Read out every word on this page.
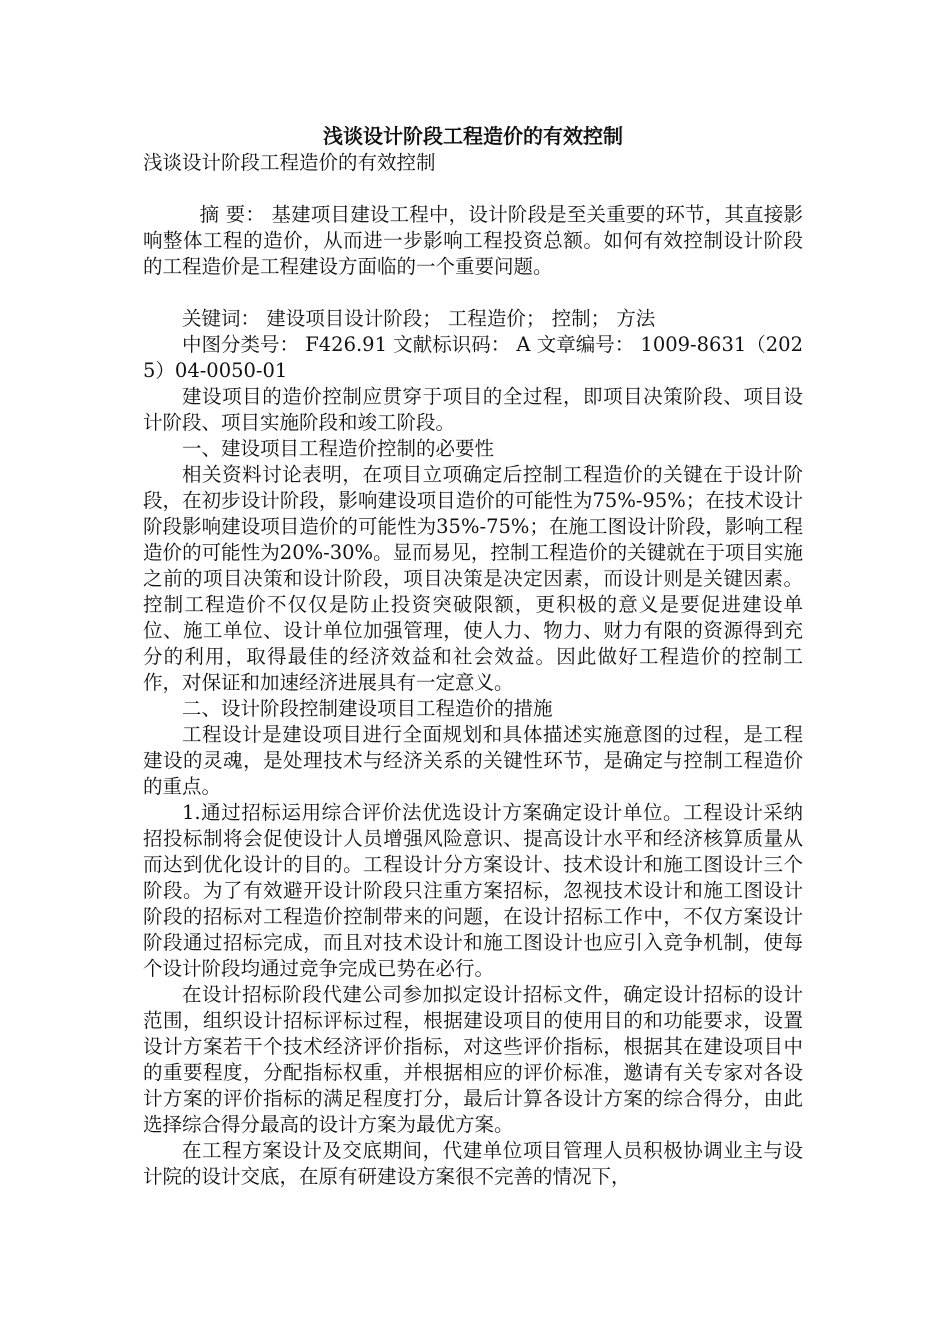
浅谈设计阶段工程造价的有效控制

浅谈设计阶段工程造价的有效控制

摘 要： 基建项目建设工程中，设计阶段是至关重要的环节，其直接影响整体工程的造价，从而进一步影响工程投资总额。如何有效控制设计阶段的工程造价是工程建设方面临的一个重要问题。

关键词： 建设项目设计阶段； 工程造价； 控制； 方法

中图分类号： F426.91 文献标识码： A 文章编号： 1009-8631（2025）04-0050-01

建设项目的造价控制应贯穿于项目的全过程，即项目决策阶段、项目设计阶段、项目实施阶段和竣工阶段。

一、建设项目工程造价控制的必要性

相关资料讨论表明，在项目立项确定后控制工程造价的关键在于设计阶段，在初步设计阶段，影响建设项目造价的可能性为75%-95%；在技术设计阶段影响建设项目造价的可能性为35%-75%；在施工图设计阶段，影响工程造价的可能性为20%-30%。显而易见，控制工程造价的关键就在于项目实施之前的项目决策和设计阶段，项目决策是决定因素，而设计则是关键因素。控制工程造价不仅仅是防止投资突破限额，更积极的意义是要促进建设单位、施工单位、设计单位加强管理，使人力、物力、财力有限的资源得到充分的利用，取得最佳的经济效益和社会效益。因此做好工程造价的控制工作，对保证和加速经济进展具有一定意义。

二、设计阶段控制建设项目工程造价的措施

工程设计是建设项目进行全面规划和具体描述实施意图的过程，是工程建设的灵魂，是处理技术与经济关系的关键性环节，是确定与控制工程造价的重点。

1.通过招标运用综合评价法优选设计方案确定设计单位。工程设计采纳招投标制将会促使设计人员增强风险意识、提高设计水平和经济核算质量从而达到优化设计的目的。工程设计分方案设计、技术设计和施工图设计三个阶段。为了有效避开设计阶段只注重方案招标，忽视技术设计和施工图设计阶段的招标对工程造价控制带来的问题，在设计招标工作中，不仅方案设计阶段通过招标完成，而且对技术设计和施工图设计也应引入竞争机制，使每个设计阶段均通过竞争完成已势在必行。

在设计招标阶段代建公司参加拟定设计招标文件，确定设计招标的设计范围，组织设计招标评标过程，根据建设项目的使用目的和功能要求，设置设计方案若干个技术经济评价指标，对这些评价指标，根据其在建设项目中的重要程度，分配指标权重，并根据相应的评价标准，邀请有关专家对各设计方案的评价指标的满足程度打分，最后计算各设计方案的综合得分，由此选择综合得分最高的设计方案为最优方案。

在工程方案设计及交底期间，代建单位项目管理人员积极协调业主与设计院的设计交底，在原有研建设方案很不完善的情况下，
